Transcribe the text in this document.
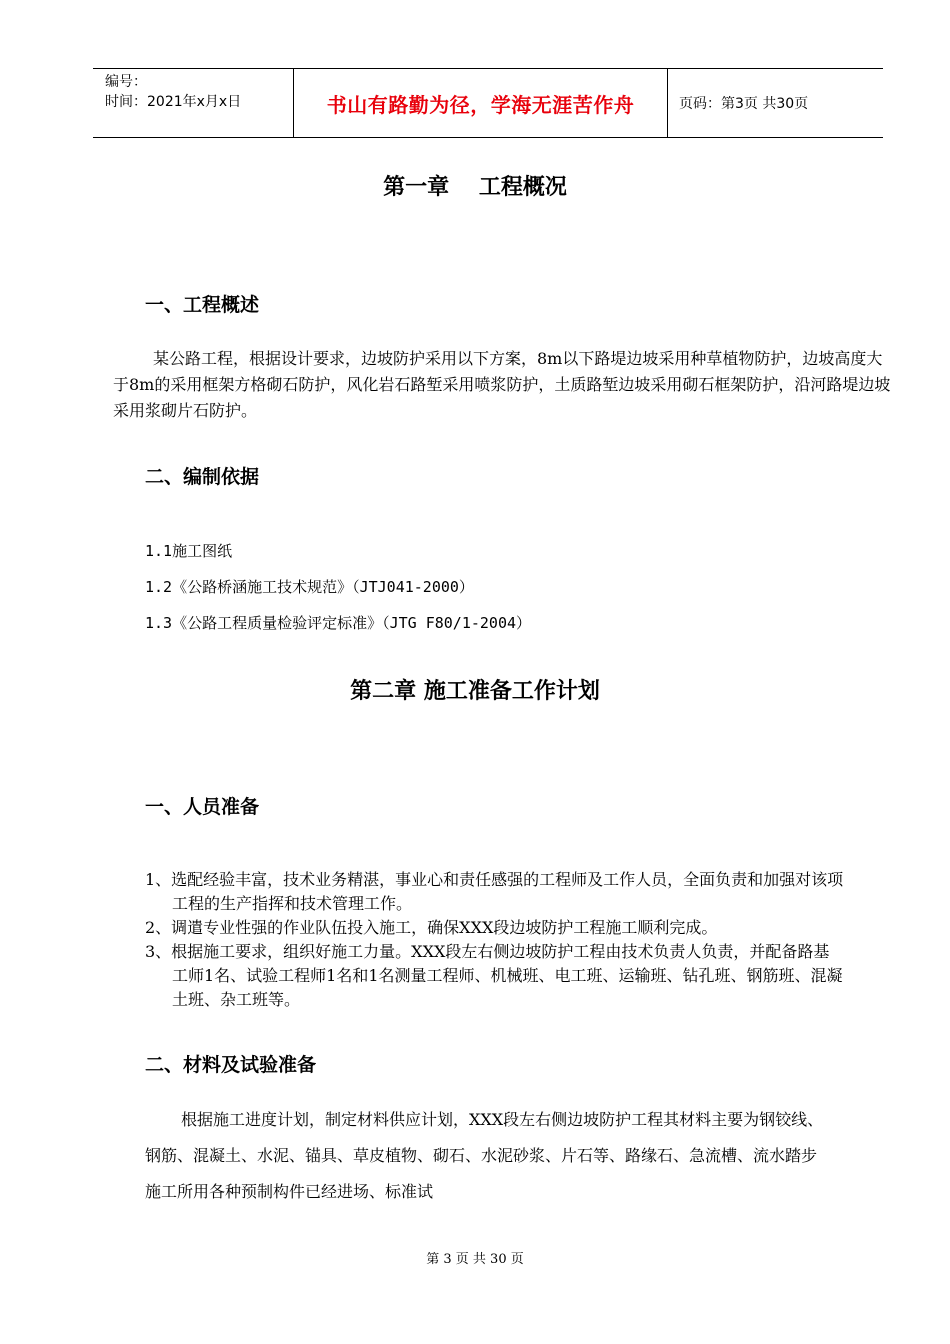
编号：
时间：2021年x月x日	书山有路勤为径，学海无涯苦作舟	页码：第3页 共30页
第一章　 工程概况
一、工程概述
某公路工程，根据设计要求，边坡防护采用以下方案，8m以下路堤边坡采用种草植物防护，边坡高度大于8m的采用框架方格砌石防护，风化岩石路堑采用喷浆防护，土质路堑边坡采用砌石框架防护，沿河路堤边坡采用浆砌片石防护。
二、编制依据
1.1施工图纸
1.2《公路桥涵施工技术规范》（JTJ041-2000）
1.3《公路工程质量检验评定标准》（JTG F80/1-2004）
第二章 施工准备工作计划
一、人员准备
1、选配经验丰富，技术业务精湛，事业心和责任感强的工程师及工作人员，全面负责和加强对该项工程的生产指挥和技术管理工作。
2、调遣专业性强的作业队伍投入施工，确保XXX段边坡防护工程施工顺利完成。
3、根据施工要求，组织好施工力量。XXX段左右侧边坡防护工程由技术负责人负责，并配备路基工师1名、试验工程师1名和1名测量工程师、机械班、电工班、运输班、钻孔班、钢筋班、混凝土班、杂工班等。
二、材料及试验准备
根据施工进度计划，制定材料供应计划，XXX段左右侧边坡防护工程其材料主要为钢铰线、钢筋、混凝土、水泥、锚具、草皮植物、砌石、水泥砂浆、片石等、路缘石、急流槽、流水踏步施工所用各种预制构件已经进场、标准试
第 3 页 共 30 页
